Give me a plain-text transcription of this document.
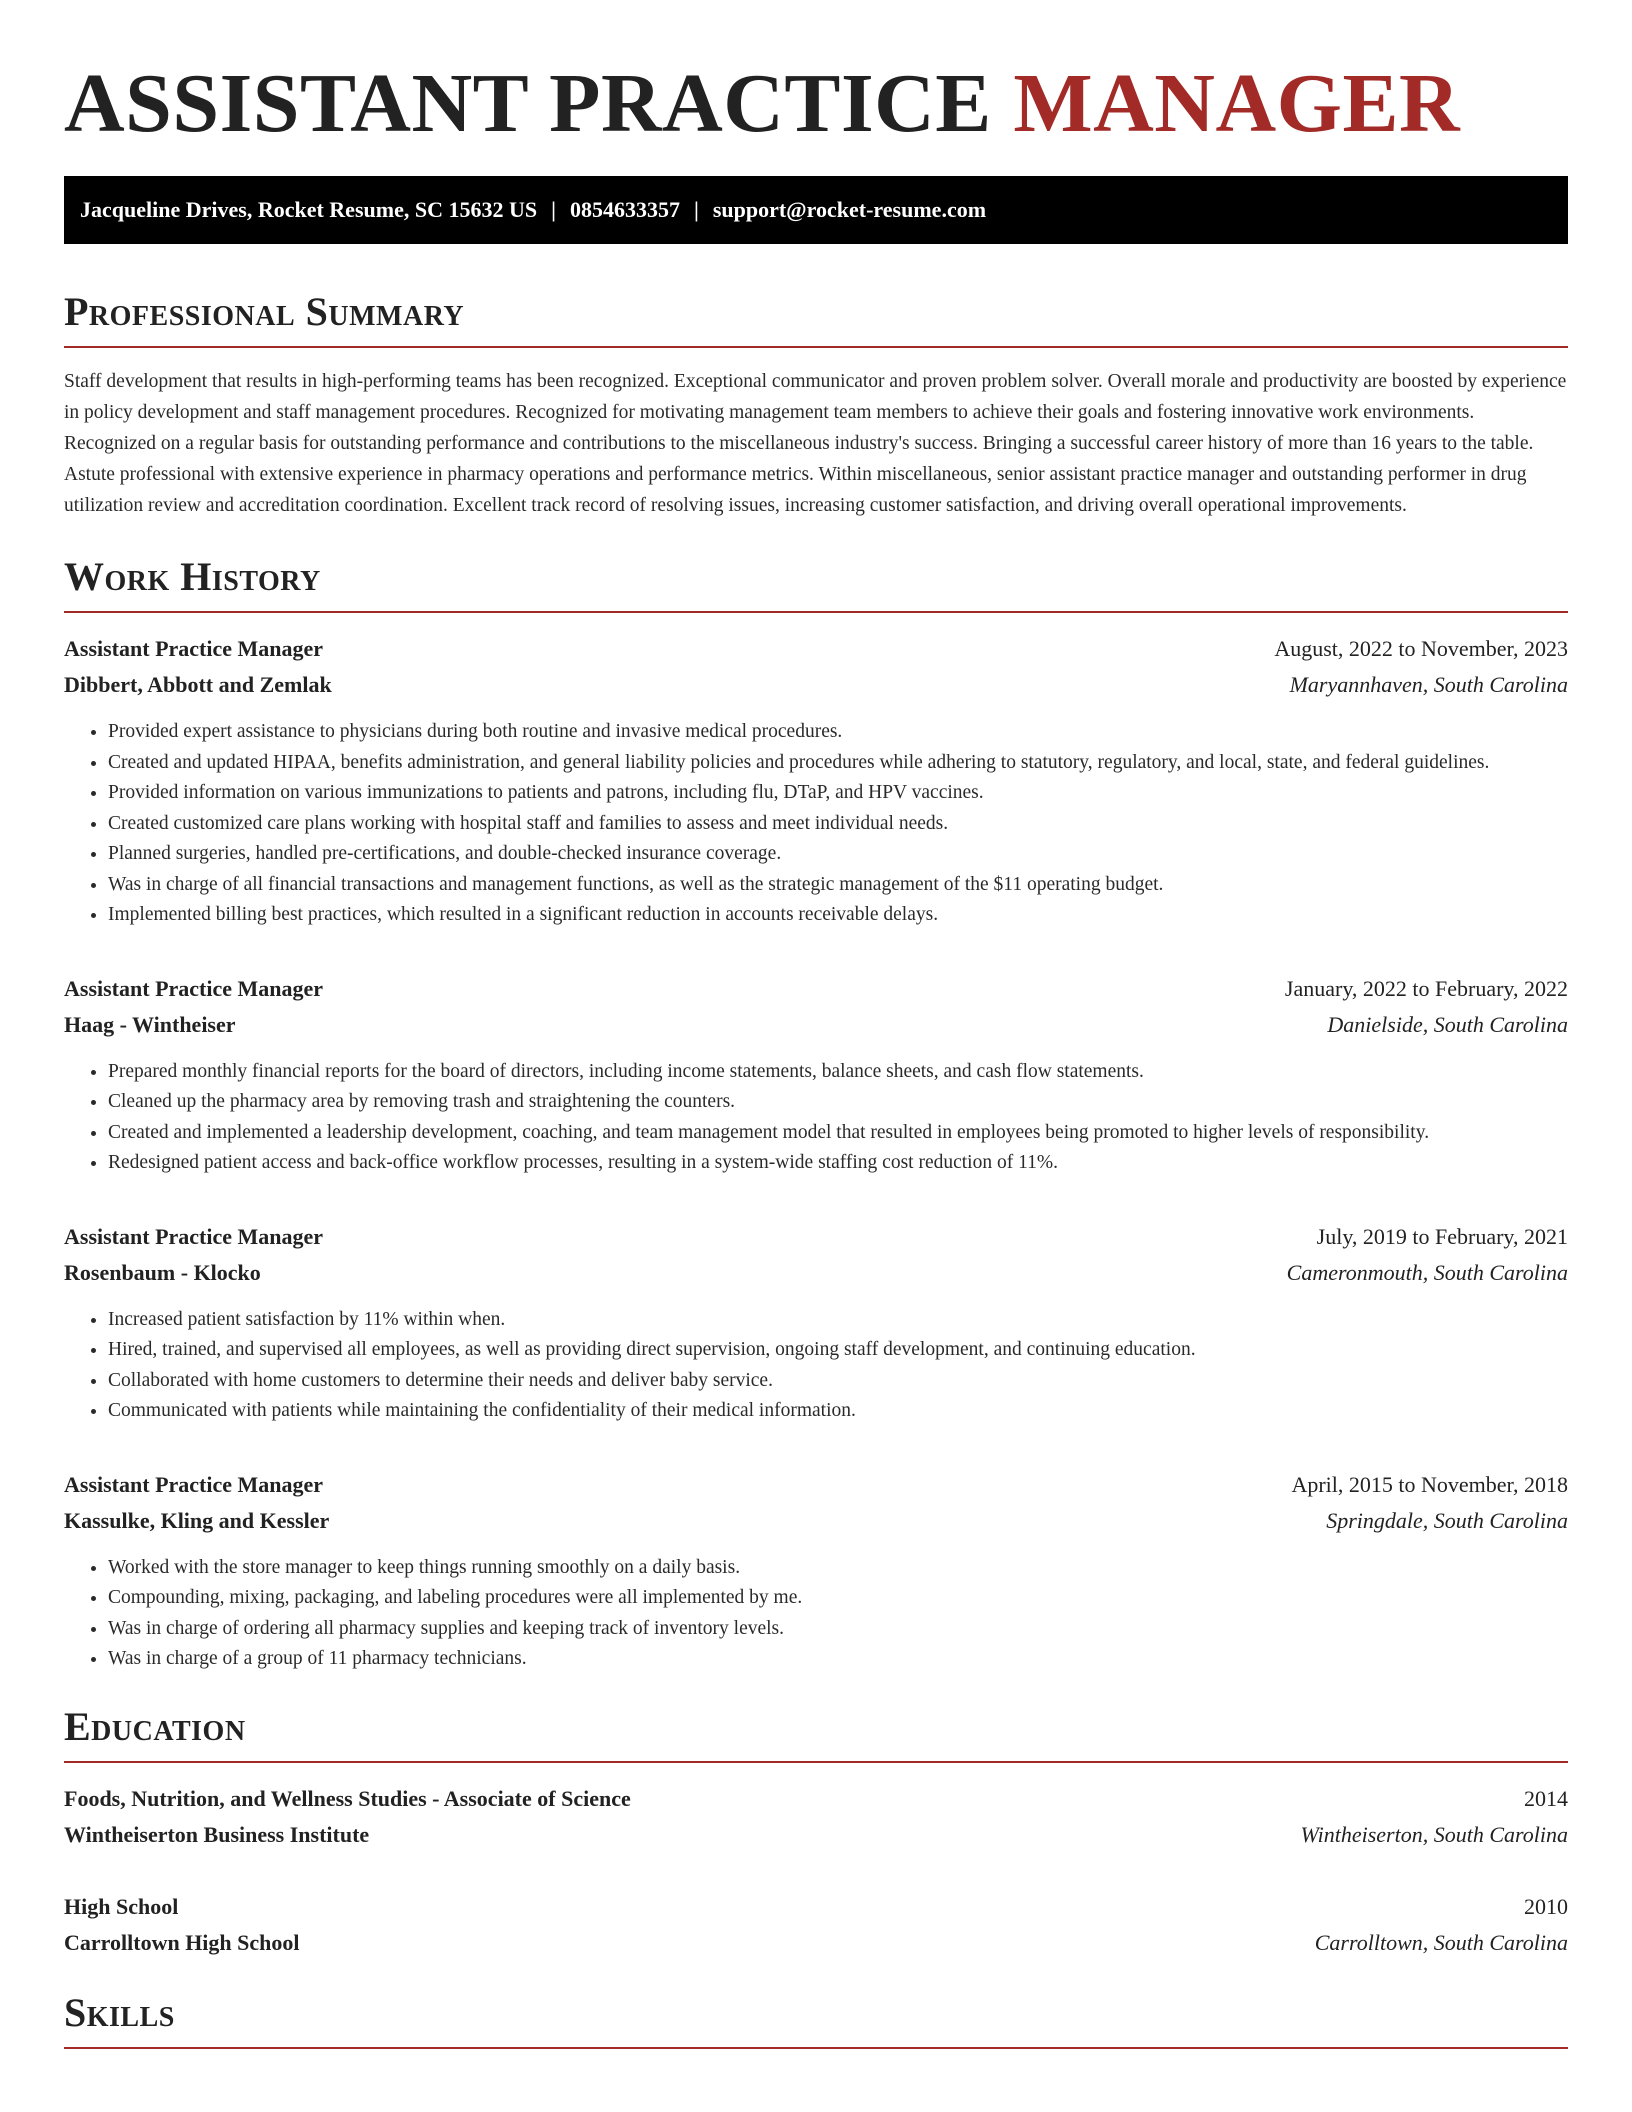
ASSISTANT PRACTICE MANAGER
Jacqueline Drives, Rocket Resume, SC 15632 US | 0854633357 | support@rocket-resume.com
Professional Summary

Staff development that results in high-performing teams has been recognized. Exceptional communicator and proven problem solver. Overall morale and productivity are boosted by experience in policy development and staff management procedures. Recognized for motivating management team members to achieve their goals and fostering innovative work environments. Recognized on a regular basis for outstanding performance and contributions to the miscellaneous industry's success. Bringing a successful career history of more than 16 years to the table. Astute professional with extensive experience in pharmacy operations and performance metrics. Within miscellaneous, senior assistant practice manager and outstanding performer in drug utilization review and accreditation coordination. Excellent track record of resolving issues, increasing customer satisfaction, and driving overall operational improvements.

Work History
Assistant Practice Manager	August, 2022 to November, 2023
Dibbert, Abbott and Zemlak	Maryannhaven, South Carolina
• Provided expert assistance to physicians during both routine and invasive medical procedures.
• Created and updated HIPAA, benefits administration, and general liability policies and procedures while adhering to statutory, regulatory, and local, state, and federal guidelines.
• Provided information on various immunizations to patients and patrons, including flu, DTaP, and HPV vaccines.
• Created customized care plans working with hospital staff and families to assess and meet individual needs.
• Planned surgeries, handled pre-certifications, and double-checked insurance coverage.
• Was in charge of all financial transactions and management functions, as well as the strategic management of the $11 operating budget.
• Implemented billing best practices, which resulted in a significant reduction in accounts receivable delays.
Assistant Practice Manager	January, 2022 to February, 2022
Haag - Wintheiser	Danielside, South Carolina
• Prepared monthly financial reports for the board of directors, including income statements, balance sheets, and cash flow statements.
• Cleaned up the pharmacy area by removing trash and straightening the counters.
• Created and implemented a leadership development, coaching, and team management model that resulted in employees being promoted to higher levels of responsibility.
• Redesigned patient access and back-office workflow processes, resulting in a system-wide staffing cost reduction of 11%.
Assistant Practice Manager	July, 2019 to February, 2021
Rosenbaum - Klocko	Cameronmouth, South Carolina
• Increased patient satisfaction by 11% within when.
• Hired, trained, and supervised all employees, as well as providing direct supervision, ongoing staff development, and continuing education.
• Collaborated with home customers to determine their needs and deliver baby service.
• Communicated with patients while maintaining the confidentiality of their medical information.
Assistant Practice Manager	April, 2015 to November, 2018
Kassulke, Kling and Kessler	Springdale, South Carolina
• Worked with the store manager to keep things running smoothly on a daily basis.
• Compounding, mixing, packaging, and labeling procedures were all implemented by me.
• Was in charge of ordering all pharmacy supplies and keeping track of inventory levels.
• Was in charge of a group of 11 pharmacy technicians.
Education
Foods, Nutrition, and Wellness Studies - Associate of Science	2014
Wintheiserton Business Institute	Wintheiserton, South Carolina
High School	2010
Carrolltown High School	Carrolltown, South Carolina
Skills
